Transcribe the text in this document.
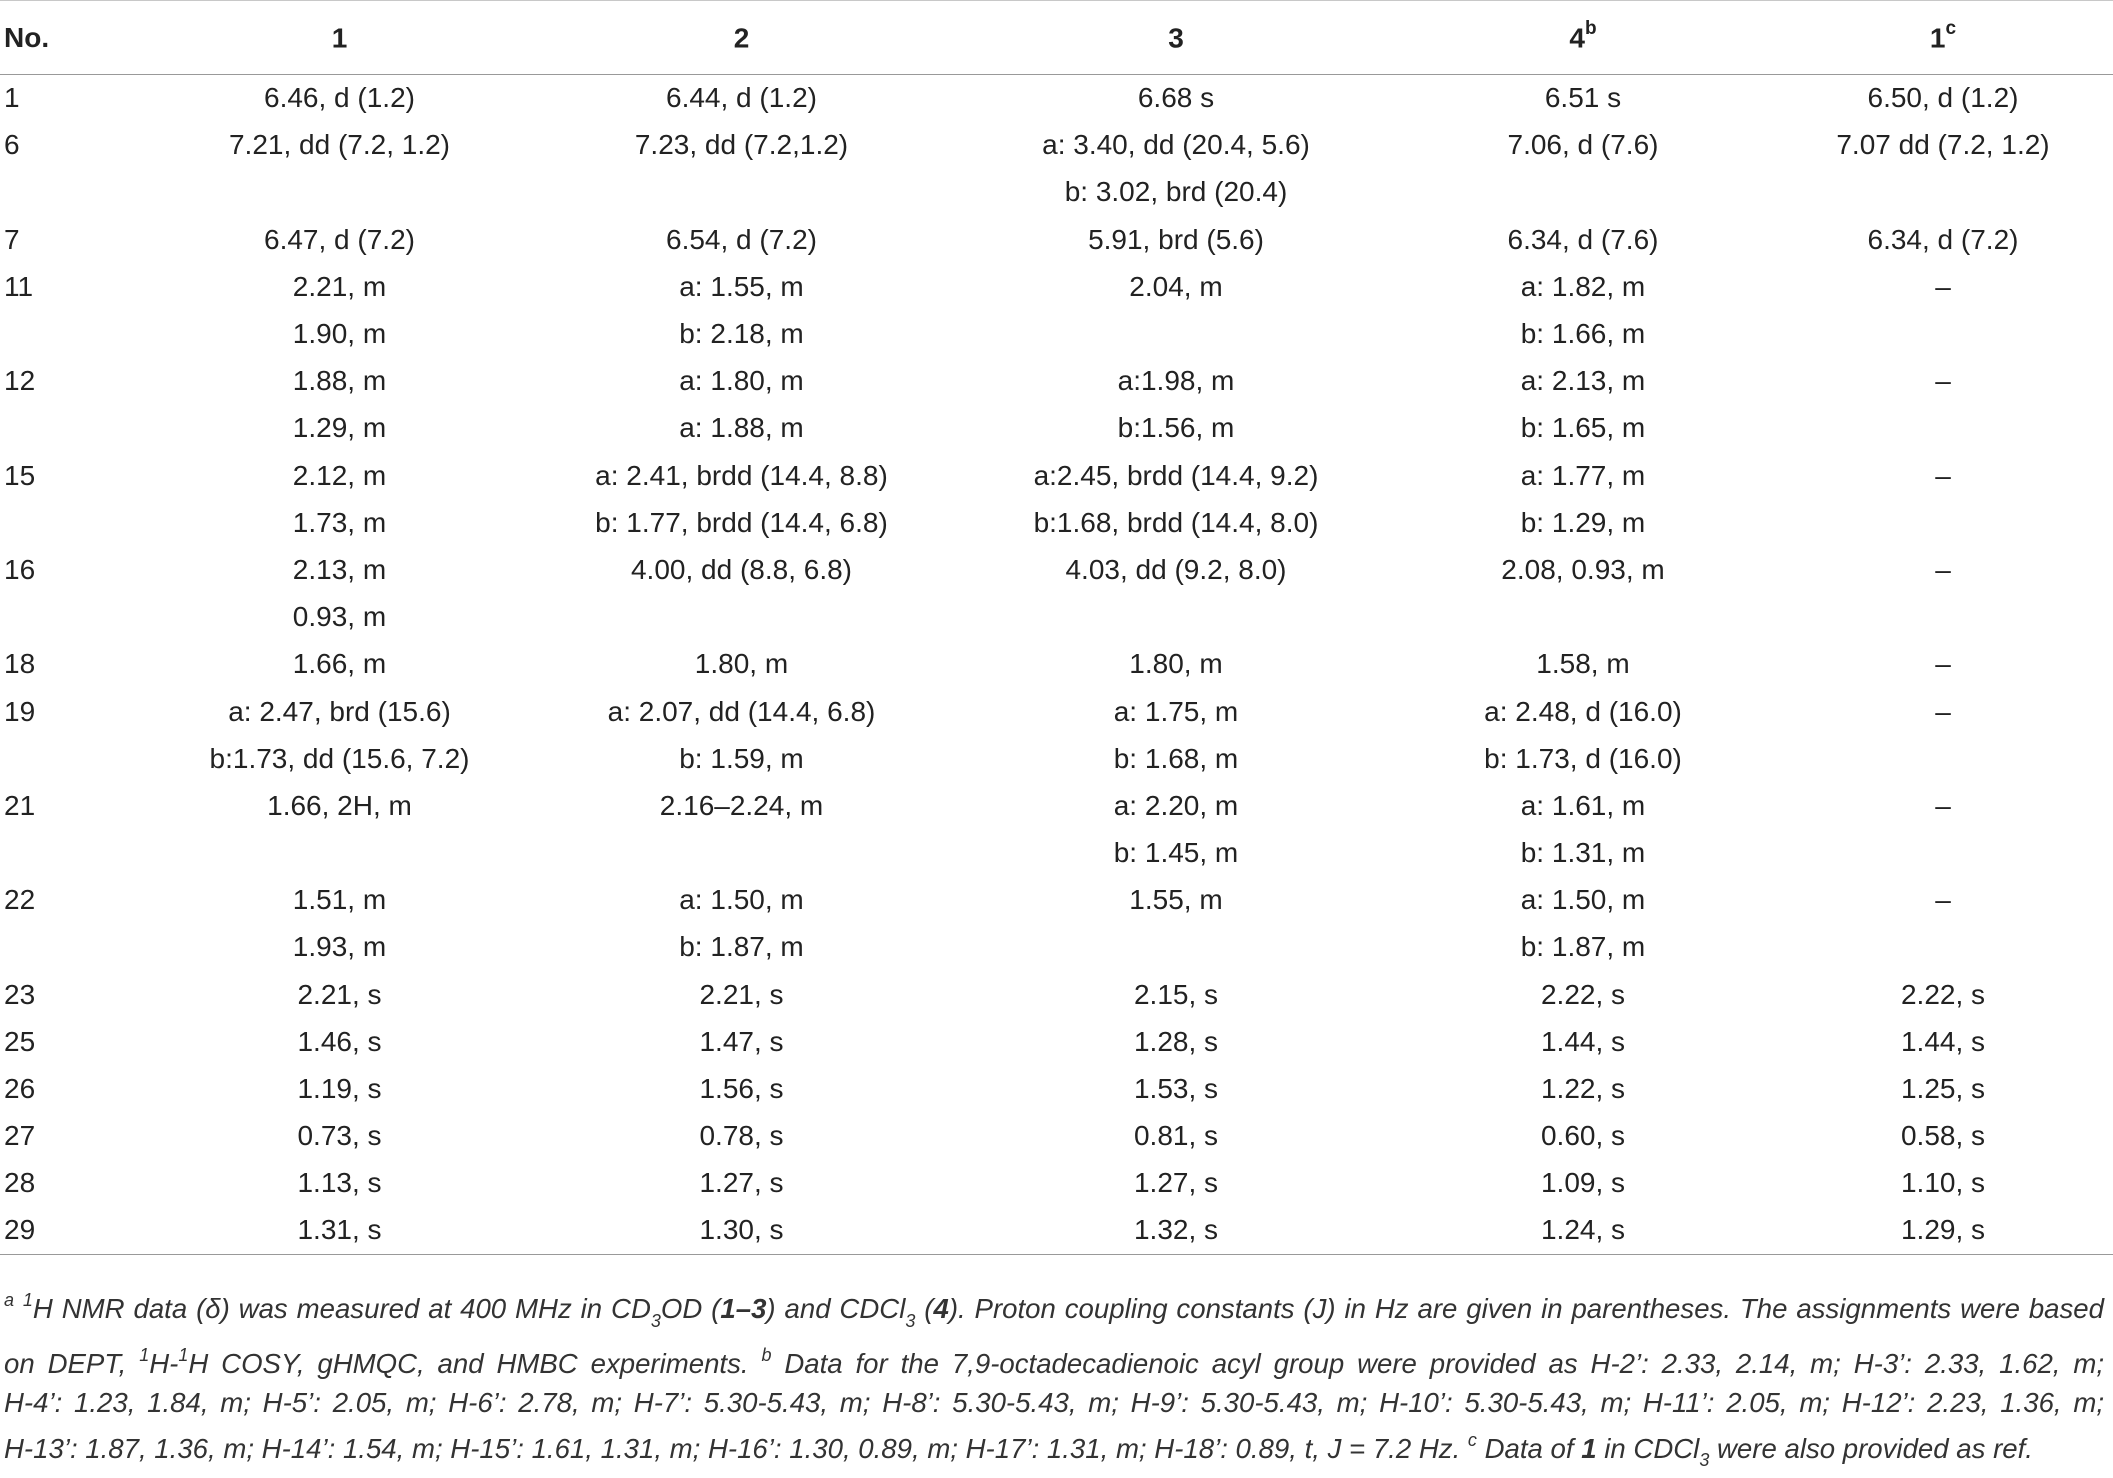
No.	1	2	3	4$^b$	1$^c$
1	6.46, d (1.2)	6.44, d (1.2)	6.68 s	6.51 s	6.50, d (1.2)
6	7.21, dd (7.2, 1.2)	7.23, dd (7.2,1.2)	a: 3.40, dd (20.4, 5.6)	7.06, d (7.6)	7.07 dd (7.2, 1.2)
			b: 3.02, brd (20.4)		
7	6.47, d (7.2)	6.54, d (7.2)	5.91, brd (5.6)	6.34, d (7.6)	6.34, d (7.2)
11	2.21, m	a: 1.55, m	2.04, m	a: 1.82, m	–
	1.90, m	b: 2.18, m		b: 1.66, m	
12	1.88, m	a: 1.80, m	a:1.98, m	a: 2.13, m	–
	1.29, m	a: 1.88, m	b:1.56, m	b: 1.65, m	
15	2.12, m	a: 2.41, brdd (14.4, 8.8)	a:2.45, brdd (14.4, 9.2)	a: 1.77, m	–
	1.73, m	b: 1.77, brdd (14.4, 6.8)	b:1.68, brdd (14.4, 8.0)	b: 1.29, m	
16	2.13, m	4.00, dd (8.8, 6.8)	4.03, dd (9.2, 8.0)	2.08, 0.93, m	–
	0.93, m				
18	1.66, m	1.80, m	1.80, m	1.58, m	–
19	a: 2.47, brd (15.6)	a: 2.07, dd (14.4, 6.8)	a: 1.75, m	a: 2.48, d (16.0)	–
	b:1.73, dd (15.6, 7.2)	b: 1.59, m	b: 1.68, m	b: 1.73, d (16.0)	
21	1.66, 2H, m	2.16–2.24, m	a: 2.20, m	a: 1.61, m	–
			b: 1.45, m	b: 1.31, m	
22	1.51, m	a: 1.50, m	1.55, m	a: 1.50, m	–
	1.93, m	b: 1.87, m		b: 1.87, m	
23	2.21, s	2.21, s	2.15, s	2.22, s	2.22, s
25	1.46, s	1.47, s	1.28, s	1.44, s	1.44, s
26	1.19, s	1.56, s	1.53, s	1.22, s	1.25, s
27	0.73, s	0.78, s	0.81, s	0.60, s	0.58, s
28	1.13, s	1.27, s	1.27, s	1.09, s	1.10, s
29	1.31, s	1.30, s	1.32, s	1.24, s	1.29, s
$^a$ $^1$H NMR data (δ) was measured at 400 MHz in $CD_3OD$ (1–3) and CDCl$_3$ (4). Proton coupling constants (J) in Hz are given in parentheses. The assignments were based
on DEPT, $^1$H-$^1$H COSY, gHMQC, and HMBC experiments. $^b$ Data for the 7,9-octadecadienoic acyl group were provided as H-2’: 2.33, 2.14, m; H-3’: 2.33, 1.62, m;
H-4’: 1.23, 1.84, m; H-5’: 2.05, m; H-6’: 2.78, m; H-7’: 5.30-5.43, m; H-8’: 5.30-5.43, m; H-9’: 5.30-5.43, m; H-10’: 5.30-5.43, m; H-11’: 2.05, m; H-12’: 2.23, 1.36, m;
H-13’: 1.87, 1.36, m; H-14’: 1.54, m; H-15’: 1.61, 1.31, m; H-16’: 1.30, 0.89, m; H-17’: 1.31, m; H-18’: 0.89, t, J = 7.2 Hz. $^c$ Data of 1 in CDCl$_3$ were also provided as ref.
